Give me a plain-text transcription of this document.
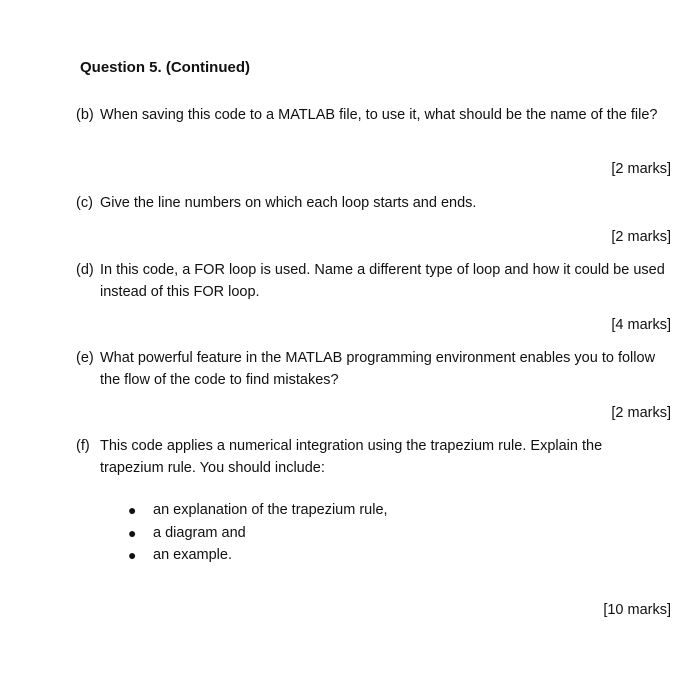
Question 5. (Continued)
(b) When saving this code to a MATLAB file, to use it, what should be the name of the file?
[2 marks]
(c) Give the line numbers on which each loop starts and ends.
[2 marks]
(d) In this code, a FOR loop is used. Name a different type of loop and how it could be used instead of this FOR loop.
[4 marks]
(e) What powerful feature in the MATLAB programming environment enables you to follow the flow of the code to find mistakes?
[2 marks]
(f) This code applies a numerical integration using the trapezium rule. Explain the trapezium rule. You should include:
●	an explanation of the trapezium rule,
●	a diagram and
●	an example.
[10 marks]
